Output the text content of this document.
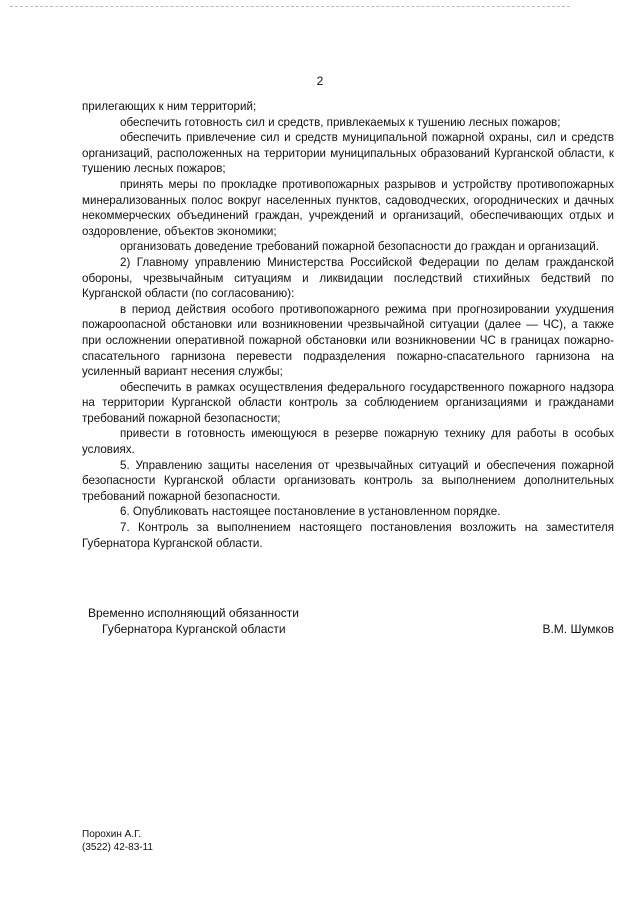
2

прилегающих к ним территорий;

обеспечить готовность сил и средств, привлекаемых к тушению лесных пожаров;

обеспечить привлечение сил и средств муниципальной пожарной охраны, сил и средств организаций, расположенных на территории муниципальных образований Курганской области, к тушению лесных пожаров;

принять меры по прокладке противопожарных разрывов и устройству противопожарных минерализованных полос вокруг населенных пунктов, садоводческих, огороднических и дачных некоммерческих объединений граждан, учреждений и организаций, обеспечивающих отдых и оздоровление, объектов экономики;

организовать доведение требований пожарной безопасности до граждан и организаций.

2) Главному управлению Министерства Российской Федерации по делам гражданской обороны, чрезвычайным ситуациям и ликвидации последствий стихийных бедствий по Курганской области (по согласованию):

в период действия особого противопожарного режима при прогнозировании ухудшения пожароопасной обстановки или возникновении чрезвычайной ситуации (далее — ЧС), а также при осложнении оперативной пожарной обстановки или возникновении ЧС в границах пожарно-спасательного гарнизона перевести подразделения пожарно-спасательного гарнизона на усиленный вариант несения службы;

обеспечить в рамках осуществления федерального государственного пожарного надзора на территории Курганской области контроль за соблюдением организациями и гражданами требований пожарной безопасности;

привести в готовность имеющуюся в резерве пожарную технику для работы в особых условиях.

5. Управлению защиты населения от чрезвычайных ситуаций и обеспечения пожарной безопасности Курганской области организовать контроль за выполнением дополнительных требований пожарной безопасности.

6. Опубликовать настоящее постановление в установленном порядке.

7. Контроль за выполнением настоящего постановления возложить на заместителя Губернатора Курганской области.

Временно исполняющий обязанности
Губернатора Курганской области	В.М. Шумков
Порохин А.Г.
(3522) 42-83-11
